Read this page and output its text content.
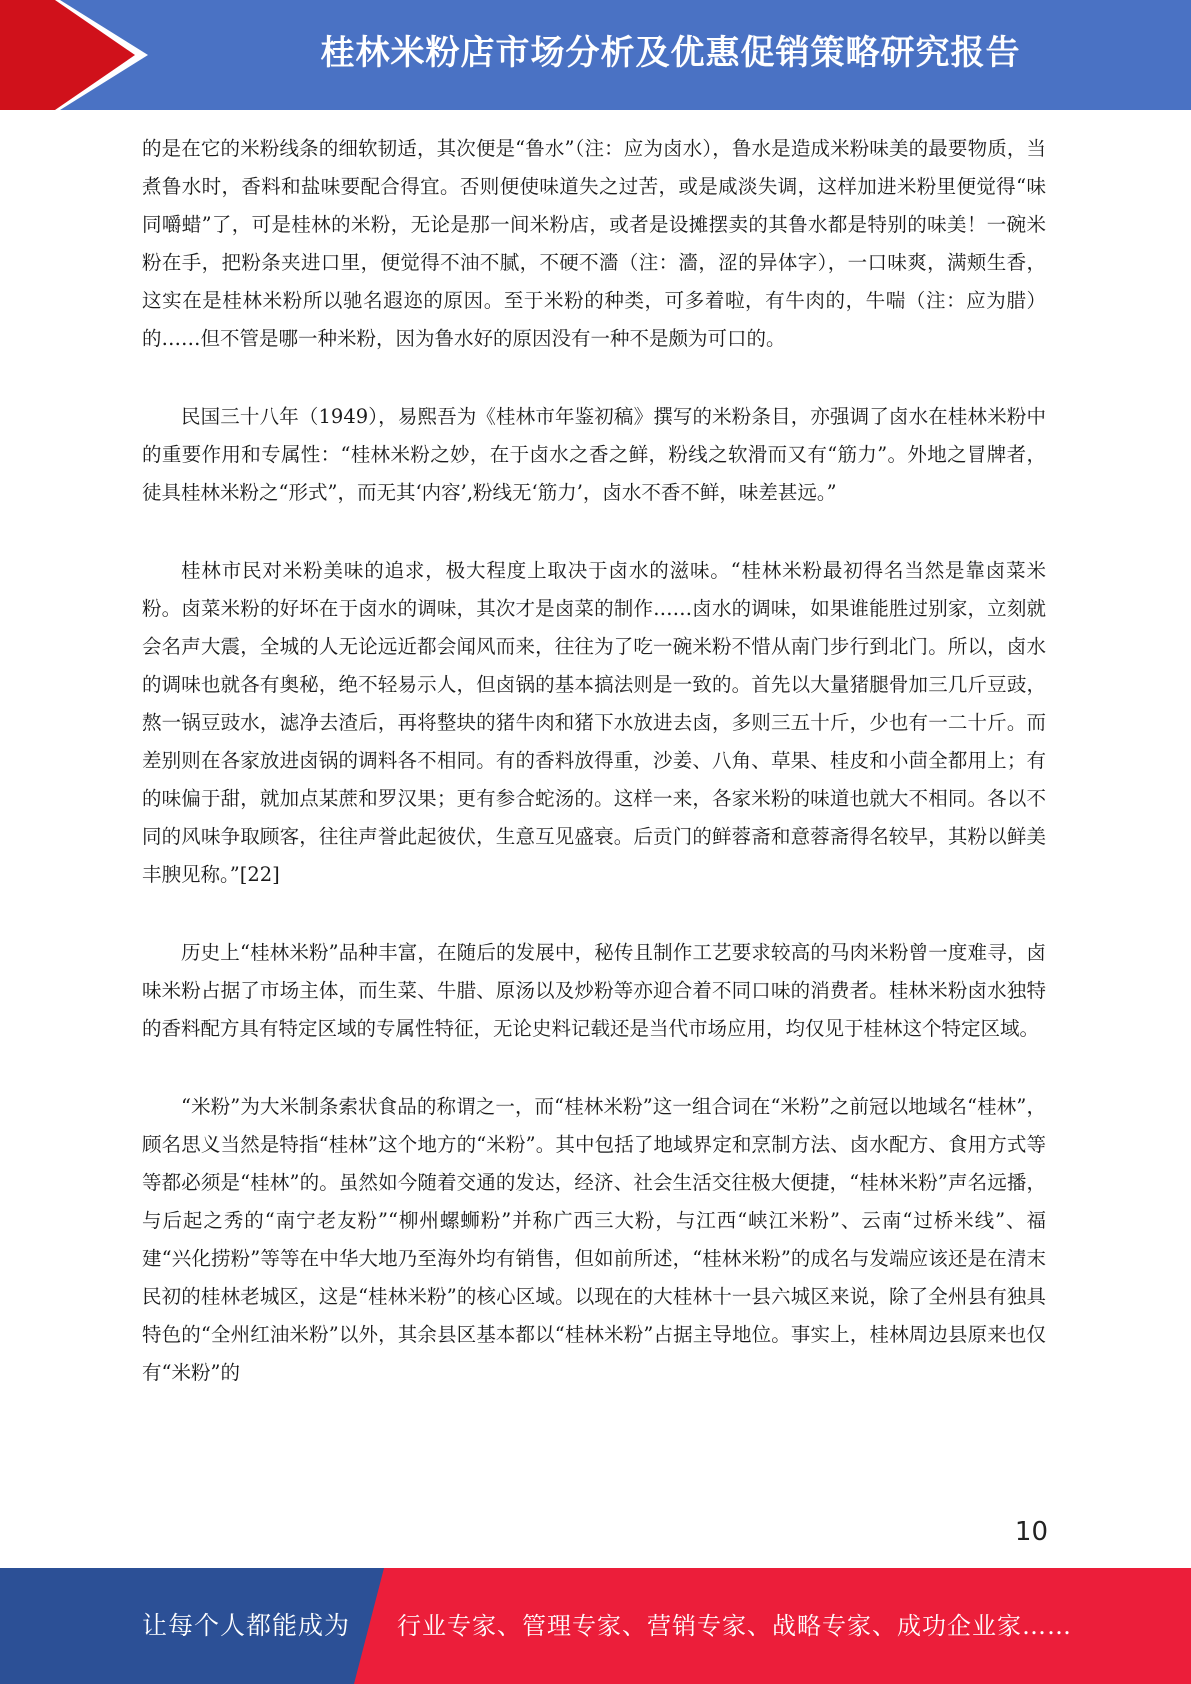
桂林米粉店市场分析及优惠促销策略研究报告

的是在它的米粉线条的细软韧适，其次便是“鲁水”（注：应为卤水），鲁水是造成米粉味美的最要物质，当煮鲁水时，香料和盐味要配合得宜。否则便使味道失之过苦，或是咸淡失调，这样加进米粉里便觉得“味同嚼蜡”了，可是桂林的米粉，无论是那一间米粉店，或者是设摊摆卖的其鲁水都是特别的味美！一碗米粉在手，把粉条夹进口里，便觉得不油不腻，不硬不濇（注：濇，涩的异体字），一口味爽，满颊生香，这实在是桂林米粉所以驰名遐迩的原因。至于米粉的种类，可多着啦，有牛肉的，牛喘（注：应为腊）的……但不管是哪一种米粉，因为鲁水好的原因没有一种不是颇为可口的。

民国三十八年（1949），易熙吾为《桂林市年鉴初稿》撰写的米粉条目，亦强调了卤水在桂林米粉中的重要作用和专属性：“桂林米粉之妙，在于卤水之香之鲜，粉线之软滑而又有“筋力”。外地之冒牌者，徒具桂林米粉之“形式”，而无其‘内容’,粉线无‘筋力’，卤水不香不鲜，味差甚远。”

桂林市民对米粉美味的追求，极大程度上取决于卤水的滋味。“桂林米粉最初得名当然是靠卤菜米粉。卤菜米粉的好坏在于卤水的调味，其次才是卤菜的制作……卤水的调味，如果谁能胜过别家，立刻就会名声大震，全城的人无论远近都会闻风而来，往往为了吃一碗米粉不惜从南门步行到北门。所以，卤水的调味也就各有奥秘，绝不轻易示人，但卤锅的基本搞法则是一致的。首先以大量猪腿骨加三几斤豆豉，熬一锅豆豉水，滤净去渣后，再将整块的猪牛肉和猪下水放进去卤，多则三五十斤，少也有一二十斤。而差别则在各家放进卤锅的调料各不相同。有的香料放得重，沙姜、八角、草果、桂皮和小茴全都用上；有的味偏于甜，就加点某蔗和罗汉果；更有参合蛇汤的。这样一来，各家米粉的味道也就大不相同。各以不同的风味争取顾客，往往声誉此起彼伏，生意互见盛衰。后贡门的鲜蓉斋和意蓉斋得名较早，其粉以鲜美丰腴见称。”[22]

历史上“桂林米粉”品种丰富，在随后的发展中，秘传且制作工艺要求较高的马肉米粉曾一度难寻，卤味米粉占据了市场主体，而生菜、牛腊、原汤以及炒粉等亦迎合着不同口味的消费者。桂林米粉卤水独特的香料配方具有特定区域的专属性特征，无论史料记载还是当代市场应用，均仅见于桂林这个特定区域。

“米粉”为大米制条索状食品的称谓之一，而“桂林米粉”这一组合词在“米粉”之前冠以地域名“桂林”，顾名思义当然是特指“桂林”这个地方的“米粉”。其中包括了地域界定和烹制方法、卤水配方、食用方式等等都必须是“桂林”的。虽然如今随着交通的发达，经济、社会生活交往极大便捷，“桂林米粉”声名远播，与后起之秀的“南宁老友粉”“柳州螺蛳粉”并称广西三大粉，与江西“峡江米粉”、云南“过桥米线”、福建“兴化捞粉”等等在中华大地乃至海外均有销售，但如前所述，“桂林米粉”的成名与发端应该还是在清末民初的桂林老城区，这是“桂林米粉”的核心区域。以现在的大桂林十一县六城区来说，除了全州县有独具特色的“全州红油米粉”以外，其余县区基本都以“桂林米粉”占据主导地位。事实上，桂林周边县原来也仅有“米粉”的

10
让每个人都能成为 行业专家、管理专家、营销专家、战略专家、成功企业家……
